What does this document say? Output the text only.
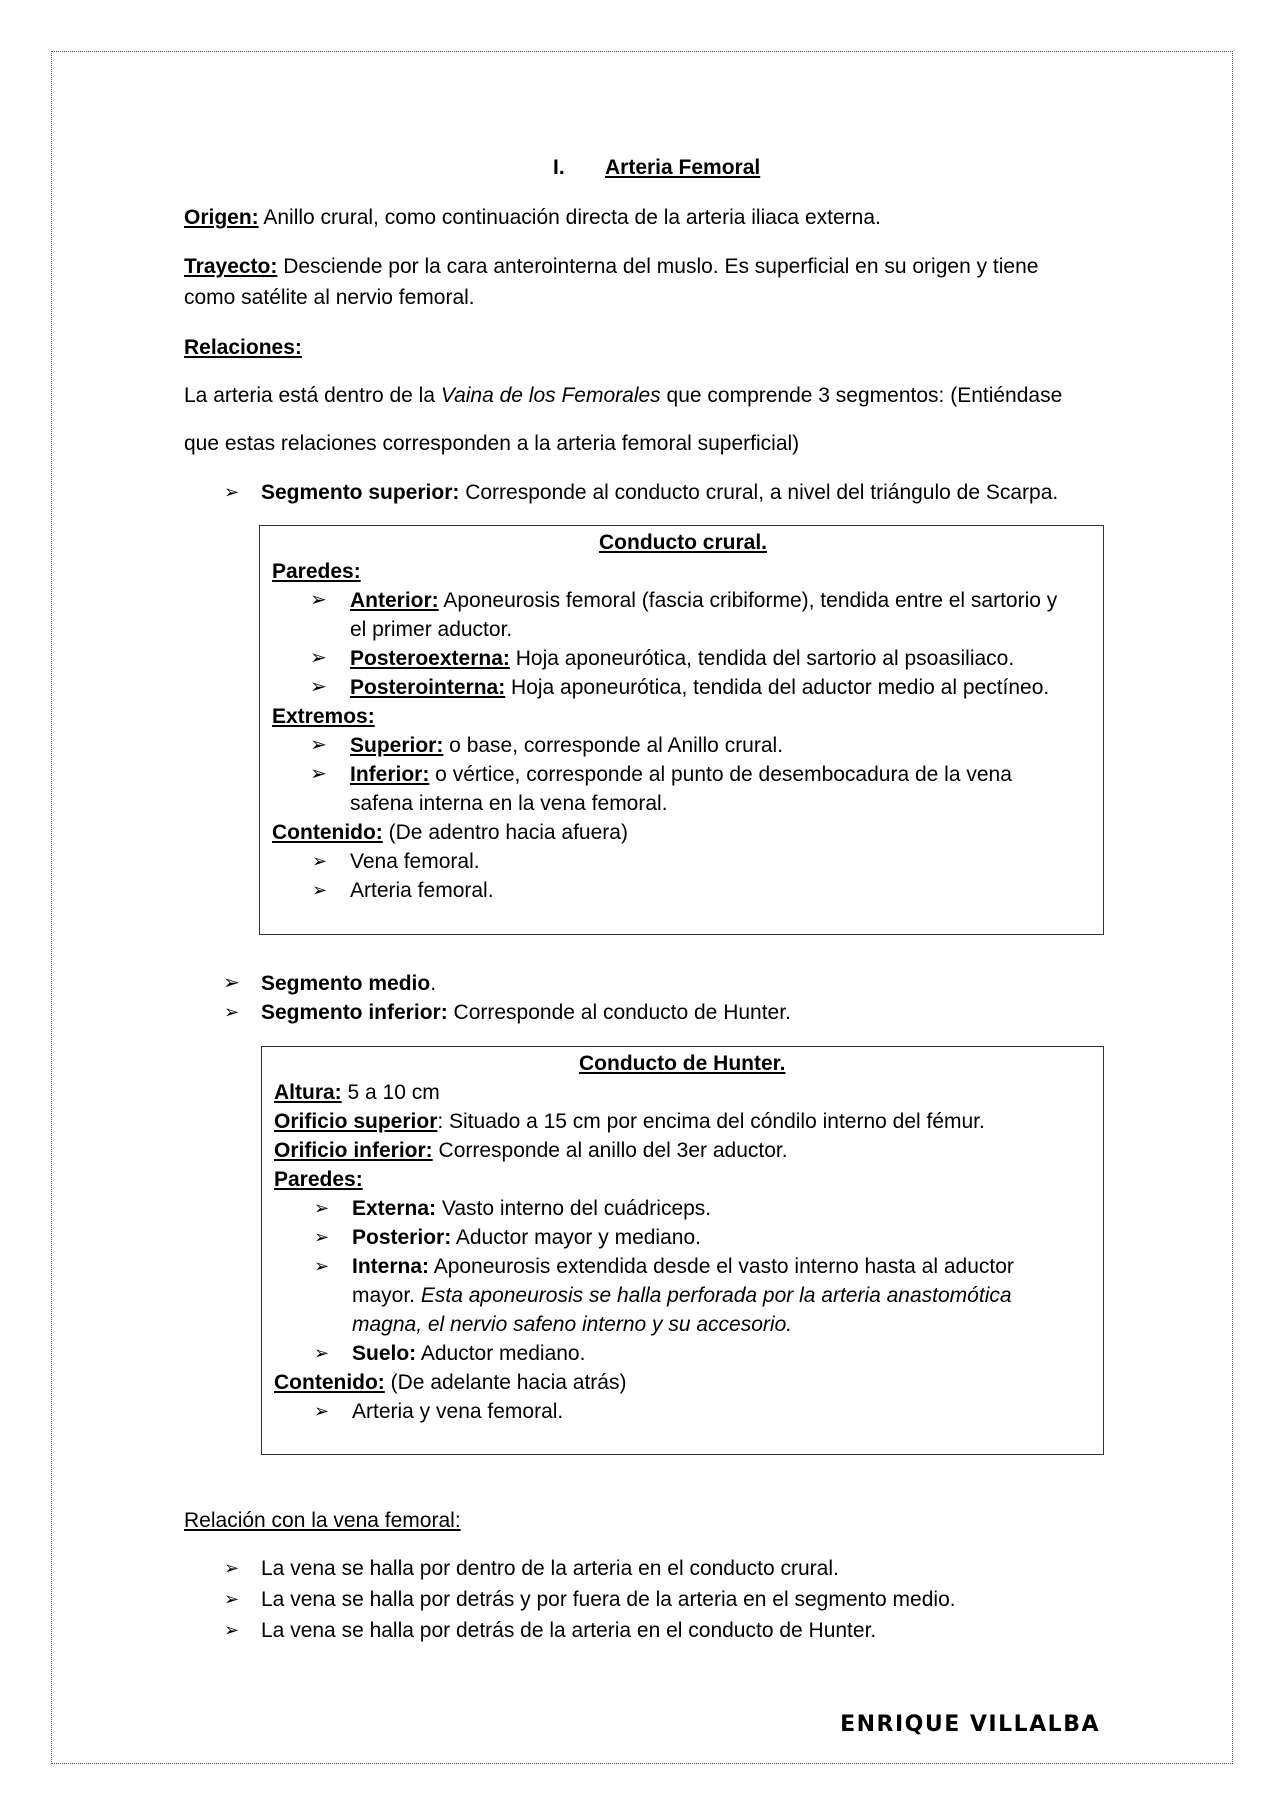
I. Arteria Femoral
Origen: Anillo crural, como continuación directa de la arteria iliaca externa.
Trayecto: Desciende por la cara anterointerna del muslo. Es superficial en su origen y tiene
como satélite al nervio femoral.
Relaciones:
La arteria está dentro de la Vaina de los Femorales que comprende 3 segmentos: (Entiéndase
que estas relaciones corresponden a la arteria femoral superficial)
➢ Segmento superior: Corresponde al conducto crural, a nivel del triángulo de Scarpa.
Conducto crural.
Paredes:
➢ Anterior: Aponeurosis femoral (fascia cribiforme), tendida entre el sartorio y
el primer aductor.
➢ Posteroexterna: Hoja aponeurótica, tendida del sartorio al psoasiliaco.
➢ Posterointerna: Hoja aponeurótica, tendida del aductor medio al pectíneo.
Extremos:
➢ Superior: o base, corresponde al Anillo crural.
➢ Inferior: o vértice, corresponde al punto de desembocadura de la vena
safena interna en la vena femoral.
Contenido: (De adentro hacia afuera)
➢ Vena femoral.
➢ Arteria femoral.
➢ Segmento medio.
➢ Segmento inferior: Corresponde al conducto de Hunter.
Conducto de Hunter.
Altura: 5 a 10 cm
Orificio superior: Situado a 15 cm por encima del cóndilo interno del fémur.
Orificio inferior: Corresponde al anillo del 3er aductor.
Paredes:
➢ Externa: Vasto interno del cuádriceps.
➢ Posterior: Aductor mayor y mediano.
➢ Interna: Aponeurosis extendida desde el vasto interno hasta al aductor
mayor. Esta aponeurosis se halla perforada por la arteria anastomótica
magna, el nervio safeno interno y su accesorio.
➢ Suelo: Aductor mediano.
Contenido: (De adelante hacia atrás)
➢ Arteria y vena femoral.
Relación con la vena femoral:
➢ La vena se halla por dentro de la arteria en el conducto crural.
➢ La vena se halla por detrás y por fuera de la arteria en el segmento medio.
➢ La vena se halla por detrás de la arteria en el conducto de Hunter.
ENRIQUE VILLALBA
